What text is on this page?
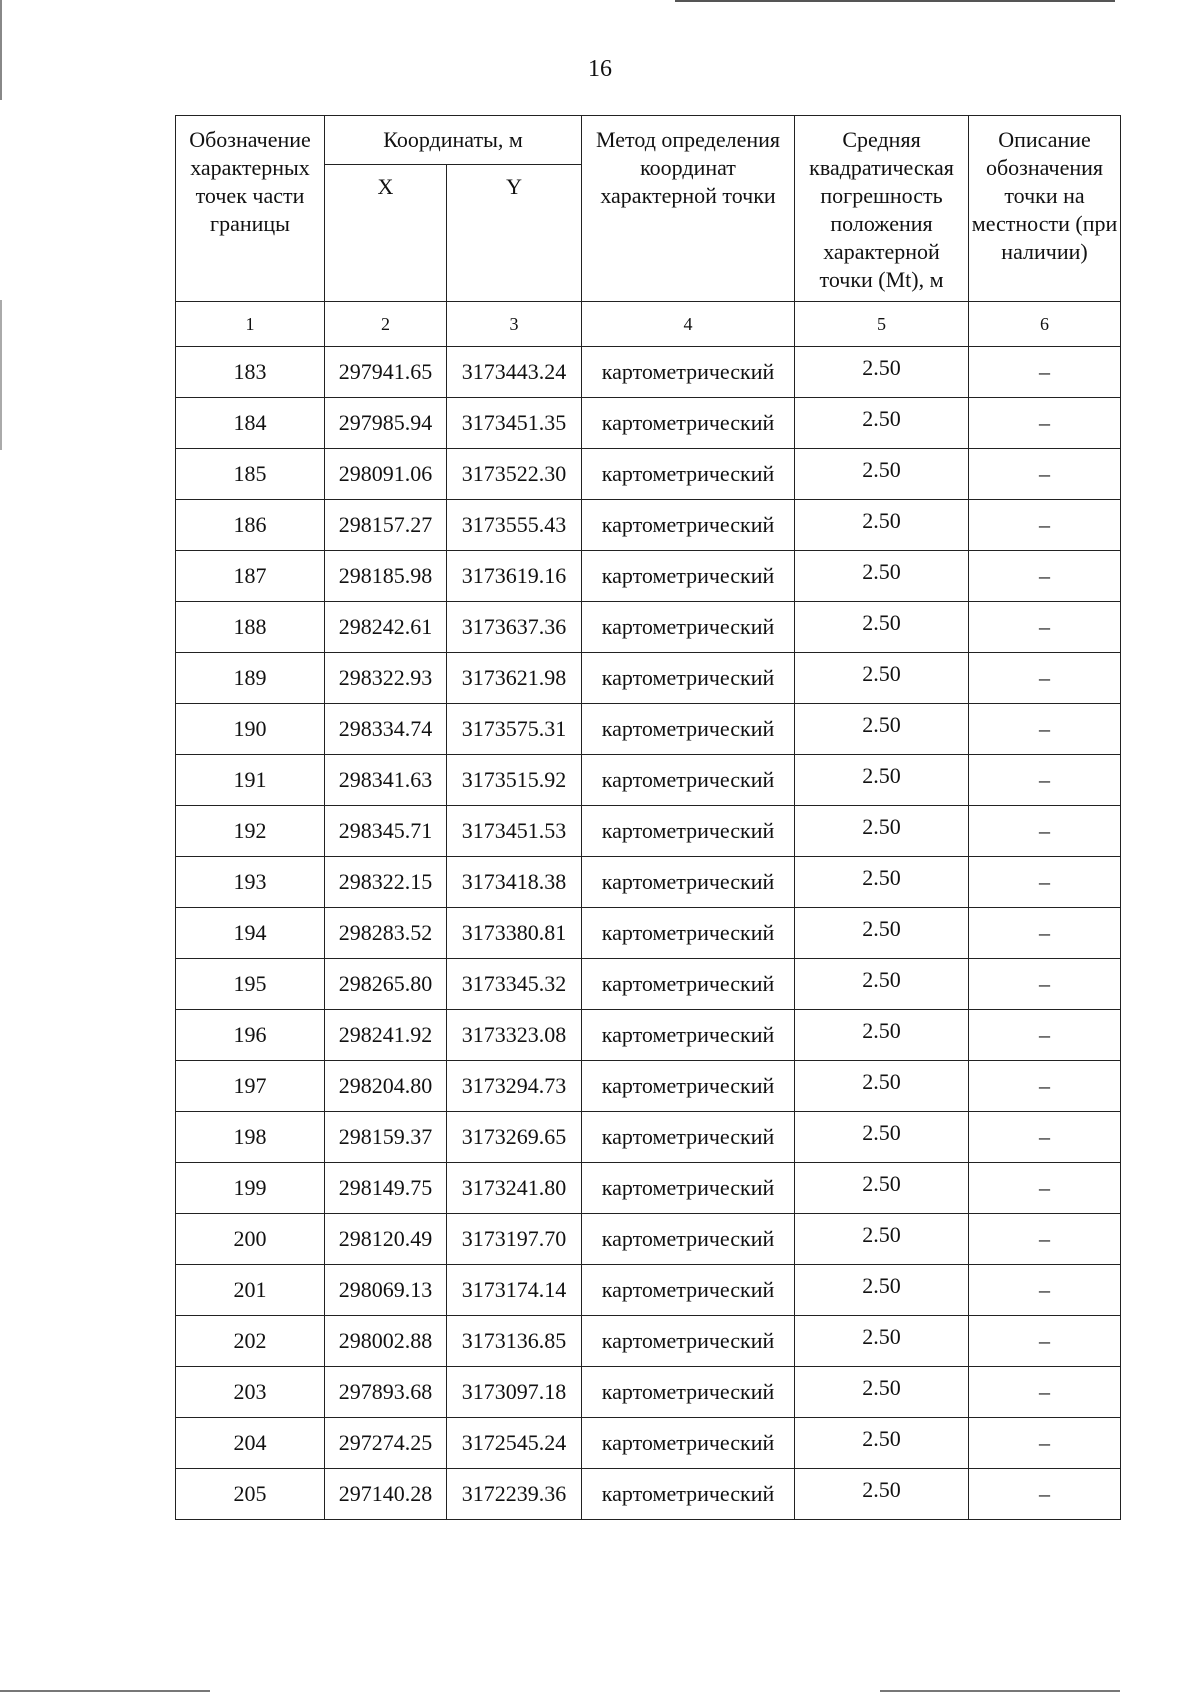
16
Обозначение характерных точек части границы	Координаты, м		Метод определения координат характерной точки	Средняя квадратическая погрешность положения характерной точки (Mt), м	Описание обозначения точки на местности (при наличии)
	X	Y			
1	2	3	4	5	6
183	297941.65	3173443.24	картометрический	2.50	–
184	297985.94	3173451.35	картометрический	2.50	–
185	298091.06	3173522.30	картометрический	2.50	–
186	298157.27	3173555.43	картометрический	2.50	–
187	298185.98	3173619.16	картометрический	2.50	–
188	298242.61	3173637.36	картометрический	2.50	–
189	298322.93	3173621.98	картометрический	2.50	–
190	298334.74	3173575.31	картометрический	2.50	–
191	298341.63	3173515.92	картометрический	2.50	–
192	298345.71	3173451.53	картометрический	2.50	–
193	298322.15	3173418.38	картометрический	2.50	–
194	298283.52	3173380.81	картометрический	2.50	–
195	298265.80	3173345.32	картометрический	2.50	–
196	298241.92	3173323.08	картометрический	2.50	–
197	298204.80	3173294.73	картометрический	2.50	–
198	298159.37	3173269.65	картометрический	2.50	–
199	298149.75	3173241.80	картометрический	2.50	–
200	298120.49	3173197.70	картометрический	2.50	–
201	298069.13	3173174.14	картометрический	2.50	–
202	298002.88	3173136.85	картометрический	2.50	–
203	297893.68	3173097.18	картометрический	2.50	–
204	297274.25	3172545.24	картометрический	2.50	–
205	297140.28	3172239.36	картометрический	2.50	–
